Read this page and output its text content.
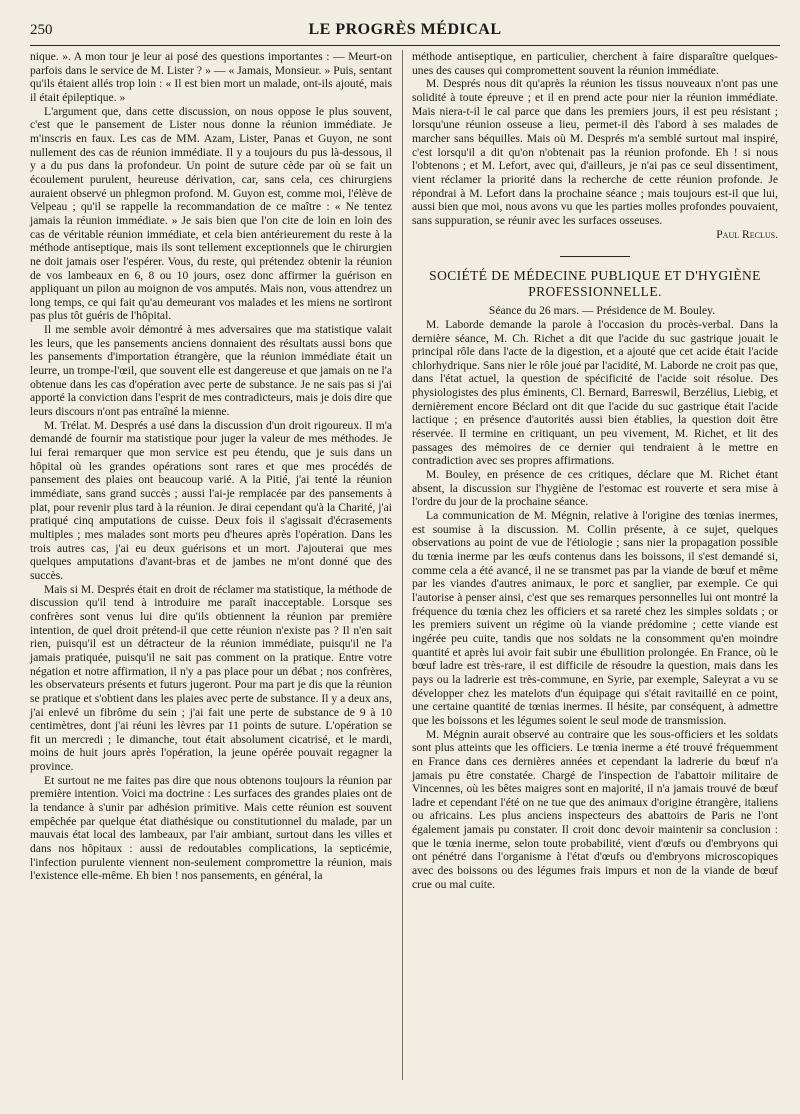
250	LE PROGRÈS MÉDICAL

nique. ». A mon tour je leur ai posé des questions importantes : — Meurt-on parfois dans le service de M. Lister ? » — « Jamais, Monsieur. » Puis, sentant qu'ils étaient allés trop loin : « Il est bien mort un malade, ont-ils ajouté, mais il était épileptique. »

L'argument que, dans cette discussion, on nous oppose le plus souvent, c'est que le pansement de Lister nous donne la réunion immédiate. Je m'inscris en faux. Les cas de MM. Azam, Lister, Panas et Guyon, ne sont nullement des cas de réunion immédiate. Il y a toujours du pus là-dessous, il y a du pus dans la profondeur. Un point de suture cède par où se fait un écoulement purulent, heureuse dérivation, car, sans cela, ces chirurgiens auraient observé un phlegmon profond. M. Guyon est, comme moi, l'élève de Velpeau ; qu'il se rappelle la recommandation de ce maître : « Ne tentez jamais la réunion immédiate. » Je sais bien que l'on cite de loin en loin des cas de véritable réunion immédiate, et cela bien antérieurement du reste à la méthode antiseptique, mais ils sont tellement exceptionnels que le chirurgien ne doit jamais oser l'espérer. Vous, du reste, qui prétendez obtenir la réunion de vos lambeaux en 6, 8 ou 10 jours, osez donc affirmer la guérison en appliquant un pilon au moignon de vos amputés. Mais non, vous attendrez un long temps, ce qui fait qu'au demeurant vos malades et les miens ne sortiront pas plus tôt guéris de l'hôpital.

Il me semble avoir démontré à mes adversaires que ma statistique valait les leurs, que les pansements anciens donnaient des résultats aussi bons que les pansements d'importation étrangère, que la réunion immédiate était un leurre, un trompe-l'œil, que souvent elle est dangereuse et que jamais on ne l'a obtenue dans les cas d'opération avec perte de substance. Je ne sais pas si j'ai apporté la conviction dans l'esprit de mes contradicteurs, mais je dois dire que leurs discours n'ont pas entraîné la mienne.

M. Trélat. M. Després a usé dans la discussion d'un droit rigoureux. Il m'a demandé de fournir ma statistique pour juger la valeur de mes méthodes. Je lui ferai remarquer que mon service est peu étendu, que je suis dans un hôpital où les grandes opérations sont rares et que mes procédés de pansement des plaies ont beaucoup varié. A la Pitié, j'ai tenté la réunion immédiate, sans grand succès ; aussi l'ai-je remplacée par des pansements à plat, pour revenir plus tard à la réunion. Je dirai cependant qu'à la Charité, j'ai pratiqué cinq amputations de cuisse. Deux fois il s'agissait d'écrasements multiples ; mes malades sont morts peu d'heures après l'opération. Dans les trois autres cas, j'ai eu deux guérisons et un mort. J'ajouterai que mes quelques amputations d'avant-bras et de jambes ne m'ont donné que des succès.

Mais si M. Després était en droit de réclamer ma statistique, la méthode de discussion qu'il tend à introduire me paraît inacceptable. Lorsque ses confrères sont venus lui dire qu'ils obtiennent la réunion par première intention, de quel droit prétend-il que cette réunion n'existe pas ? Il n'en sait rien, puisqu'il est un détracteur de la réunion immédiate, puisqu'il ne l'a jamais pratiquée, puisqu'il ne sait pas comment on la pratique. Entre votre négation et notre affirmation, il n'y a pas place pour un débat ; nos confrères, les observateurs présents et futurs jugeront. Pour ma part je dis que la réunion se pratique et s'obtient dans les plaies avec perte de substance. Il y a deux ans, j'ai enlevé un fibrôme du sein ; j'ai fait une perte de substance de 9 à 10 centimètres, dont j'ai réuni les lèvres par 11 points de suture. L'opération se fit un mercredi ; le dimanche, tout était absolument cicatrisé, et le mardi, moins de huit jours après l'opération, la jeune opérée pouvait regagner la province.

Et surtout ne me faites pas dire que nous obtenons toujours la réunion par première intention. Voici ma doctrine : Les surfaces des grandes plaies ont de la tendance à s'unir par adhésion primitive. Mais cette réunion est souvent empêchée par quelque état diathésique ou constitutionnel du malade, par un mauvais état local des lambeaux, par l'air ambiant, surtout dans les villes et dans nos hôpitaux : aussi de redoutables complications, la septicémie, l'infection purulente viennent non-seulement compromettre la réunion, mais l'existence elle-même. Eh bien ! nos pansements, en général, la

méthode antiseptique, en particulier, cherchent à faire disparaître quelques-unes des causes qui compromettent souvent la réunion immédiate.

M. Després nous dit qu'après la réunion les tissus nouveaux n'ont pas une solidité à toute épreuve ; et il en prend acte pour nier la réunion immédiate. Mais niera-t-il le cal parce que dans les premiers jours, il est peu résistant ; lorsqu'une réunion osseuse a lieu, permet-il dès l'abord à ses malades de marcher sans béquilles. Mais où M. Després m'a semblé surtout mal inspiré, c'est lorsqu'il a dit qu'on n'obtenait pas la réunion profonde. Eh ! si nous l'obtenons ; et M. Lefort, avec qui, d'ailleurs, je n'ai pas ce seul dissentiment, vient réclamer la priorité dans la recherche de cette réunion profonde. Je répondrai à M. Lefort dans la prochaine séance ; mais toujours est-il que lui, aussi bien que moi, nous avons vu que les parties molles profondes pouvaient, sans suppuration, se réunir avec les surfaces osseuses.

Paul Reclus.

SOCIÉTÉ DE MÉDECINE PUBLIQUE ET D'HYGIÈNE PROFESSIONNELLE.

Séance du 26 mars. — Présidence de M. Bouley.

M. Laborde demande la parole à l'occasion du procès-verbal. Dans la dernière séance, M. Ch. Richet a dit que l'acide du suc gastrique jouait le principal rôle dans l'acte de la digestion, et a ajouté que cet acide était l'acide chlorhydrique. Sans nier le rôle joué par l'acidité, M. Laborde ne croit pas que, dans l'état actuel, la question de spécificité de l'acide soit résolue. Des physiologistes des plus éminents, Cl. Bernard, Barreswil, Berzélius, Liebig, et dernièrement encore Béclard ont dit que l'acide du suc gastrique était l'acide lactique ; en présence d'autorités aussi bien établies, la question doit être réservée. Il termine en critiquant, un peu vivement, M. Richet, et lit des passages des mémoires de ce dernier qui tendraient à le mettre en contradiction avec ses propres affirmations.

M. Bouley, en présence de ces critiques, déclare que M. Richet étant absent, la discussion sur l'hygiène de l'estomac est rouverte et sera mise à l'ordre du jour de la prochaine séance.

La communication de M. Mégnin, relative à l'origine des tœnias inermes, est soumise à la discussion. M. Collin présente, à ce sujet, quelques observations au point de vue de l'étiologie ; sans nier la propagation possible du tœnia inerme par les œufs contenus dans les boissons, il s'est demandé si, comme cela a été avancé, il ne se transmet pas par la viande de bœuf et même par les viandes d'autres animaux, le porc et sanglier, par exemple. Ce qui l'autorise à penser ainsi, c'est que ses remarques personnelles lui ont montré la fréquence du tœnia chez les officiers et sa rareté chez les simples soldats ; or les premiers suivent un régime où la viande prédomine ; cette viande est ingérée peu cuite, tandis que nos soldats ne la consomment qu'en moindre quantité et après lui avoir fait subir une ébullition prolongée. En France, où le bœuf ladre est très-rare, il est difficile de résoudre la question, mais dans les pays ou la ladrerie est très-commune, en Syrie, par exemple, Saleyrat a vu se développer chez les matelots d'un équipage qui s'était ravitaillé en ce point, une certaine quantité de tœnias inermes. Il hésite, par conséquent, à admettre que les boissons et les légumes soient le seul mode de transmission.

M. Mégnin aurait observé au contraire que les sous-officiers et les soldats sont plus atteints que les officiers. Le tœnia inerme a été trouvé fréquemment en France dans ces dernières années et cependant la ladrerie du bœuf n'a jamais pu être constatée. Chargé de l'inspection de l'abattoir militaire de Vincennes, où les bêtes maigres sont en majorité, il n'a jamais trouvé de bœuf ladre et cependant l'été on ne tue que des animaux d'origine étrangère, italiens ou africains. Les plus anciens inspecteurs des abattoirs de Paris ne l'ont également jamais pu constater. Il croit donc devoir maintenir sa conclusion : que le tœnia inerme, selon toute probabilité, vient d'œufs ou d'embryons qui ont pénétré dans l'organisme à l'état d'œufs ou d'embryons microscopiques avec des boissons ou des légumes frais impurs et non de la viande de bœuf crue ou mal cuite.
